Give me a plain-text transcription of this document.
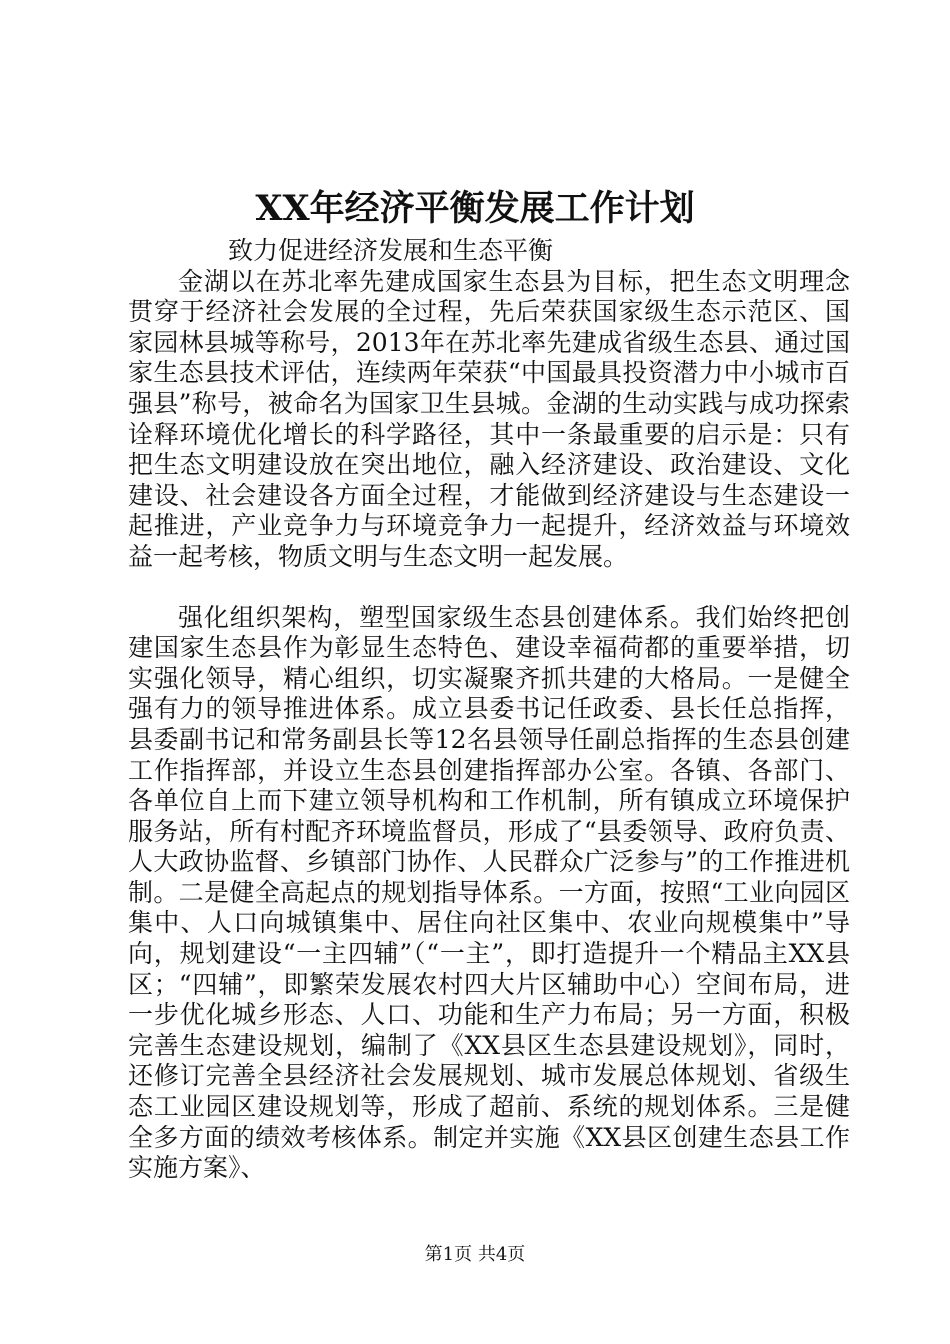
XX年经济平衡发展工作计划

　　致力促进经济发展和生态平衡

金湖以在苏北率先建成国家生态县为目标，把生态文明理念贯穿于经济社会发展的全过程，先后荣获国家级生态示范区、国家园林县城等称号，2013年在苏北率先建成省级生态县、通过国家生态县技术评估，连续两年荣获“中国最具投资潜力中小城市百强县”称号，被命名为国家卫生县城。金湖的生动实践与成功探索诠释环境优化增长的科学路径，其中一条最重要的启示是：只有把生态文明建设放在突出地位，融入经济建设、政治建设、文化建设、社会建设各方面全过程，才能做到经济建设与生态建设一起推进，产业竞争力与环境竞争力一起提升，经济效益与环境效益一起考核，物质文明与生态文明一起发展。

强化组织架构，塑型国家级生态县创建体系。我们始终把创建国家生态县作为彰显生态特色、建设幸福荷都的重要举措，切实强化领导，精心组织，切实凝聚齐抓共建的大格局。一是健全强有力的领导推进体系。成立县委书记任政委、县长任总指挥，县委副书记和常务副县长等12名县领导任副总指挥的生态县创建工作指挥部，并设立生态县创建指挥部办公室。各镇、各部门、各单位自上而下建立领导机构和工作机制，所有镇成立环境保护服务站，所有村配齐环境监督员，形成了“县委领导、政府负责、人大政协监督、乡镇部门协作、人民群众广泛参与”的工作推进机制。二是健全高起点的规划指导体系。一方面，按照“工业向园区集中、人口向城镇集中、居住向社区集中、农业向规模集中”导向，规划建设“一主四辅”（“一主”，即打造提升一个精品主XX县区；“四辅”，即繁荣发展农村四大片区辅助中心）空间布局，进一步优化城乡形态、人口、功能和生产力布局；另一方面，积极完善生态建设规划，编制了《XX县区生态县建设规划》，同时，还修订完善全县经济社会发展规划、城市发展总体规划、省级生态工业园区建设规划等，形成了超前、系统的规划体系。三是健全多方面的绩效考核体系。制定并实施《XX县区创建生态县工作实施方案》、

第1页 共4页
